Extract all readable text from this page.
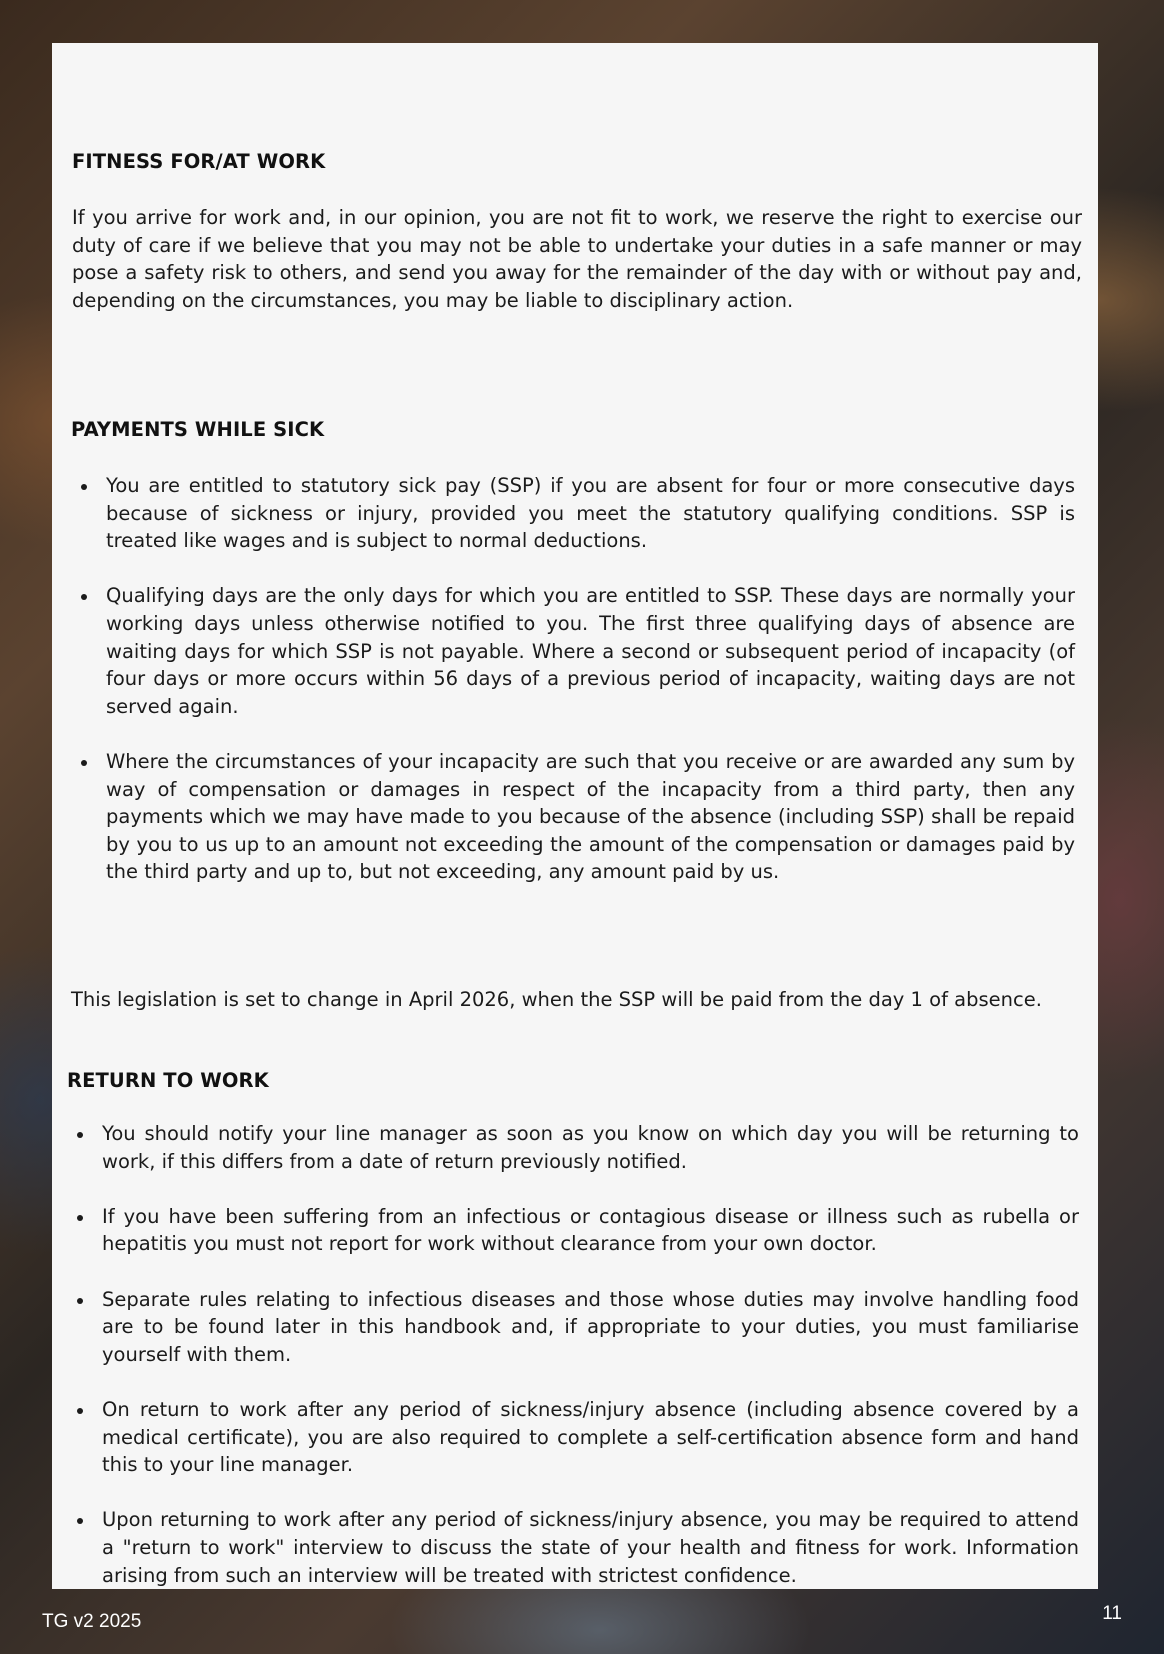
FITNESS FOR/AT WORK

If you arrive for work and, in our opinion, you are not fit to work, we reserve the right to exercise our duty of care if we believe that you may not be able to undertake your duties in a safe manner or may pose a safety risk to others, and send you away for the remainder of the day with or without pay and, depending on the circumstances, you may be liable to disciplinary action.

PAYMENTS WHILE SICK
You are entitled to statutory sick pay (SSP) if you are absent for four or more consecutive days because of sickness or injury, provided you meet the statutory qualifying conditions. SSP is treated like wages and is subject to normal deductions.
Qualifying days are the only days for which you are entitled to SSP. These days are normally your working days unless otherwise notified to you. The first three qualifying days of absence are waiting days for which SSP is not payable. Where a second or subsequent period of incapacity (of four days or more occurs within 56 days of a previous period of incapacity, waiting days are not served again.
Where the circumstances of your incapacity are such that you receive or are awarded any sum by way of compensation or damages in respect of the incapacity from a third party, then any payments which we may have made to you because of the absence (including SSP) shall be repaid by you to us up to an amount not exceeding the amount of the compensation or damages paid by the third party and up to, but not exceeding, any amount paid by us.

This legislation is set to change in April 2026, when the SSP will be paid from the day 1 of absence.

RETURN TO WORK
You should notify your line manager as soon as you know on which day you will be returning to work, if this differs from a date of return previously notified.
If you have been suffering from an infectious or contagious disease or illness such as rubella or hepatitis you must not report for work without clearance from your own doctor.
Separate rules relating to infectious diseases and those whose duties may involve handling food are to be found later in this handbook and, if appropriate to your duties, you must familiarise yourself with them.
On return to work after any period of sickness/injury absence (including absence covered by a medical certificate), you are also required to complete a self-certification absence form and hand this to your line manager.
Upon returning to work after any period of sickness/injury absence, you may be required to attend a "return to work" interview to discuss the state of your health and fitness for work. Information arising from such an interview will be treated with strictest confidence.
TG v2 2025	11
